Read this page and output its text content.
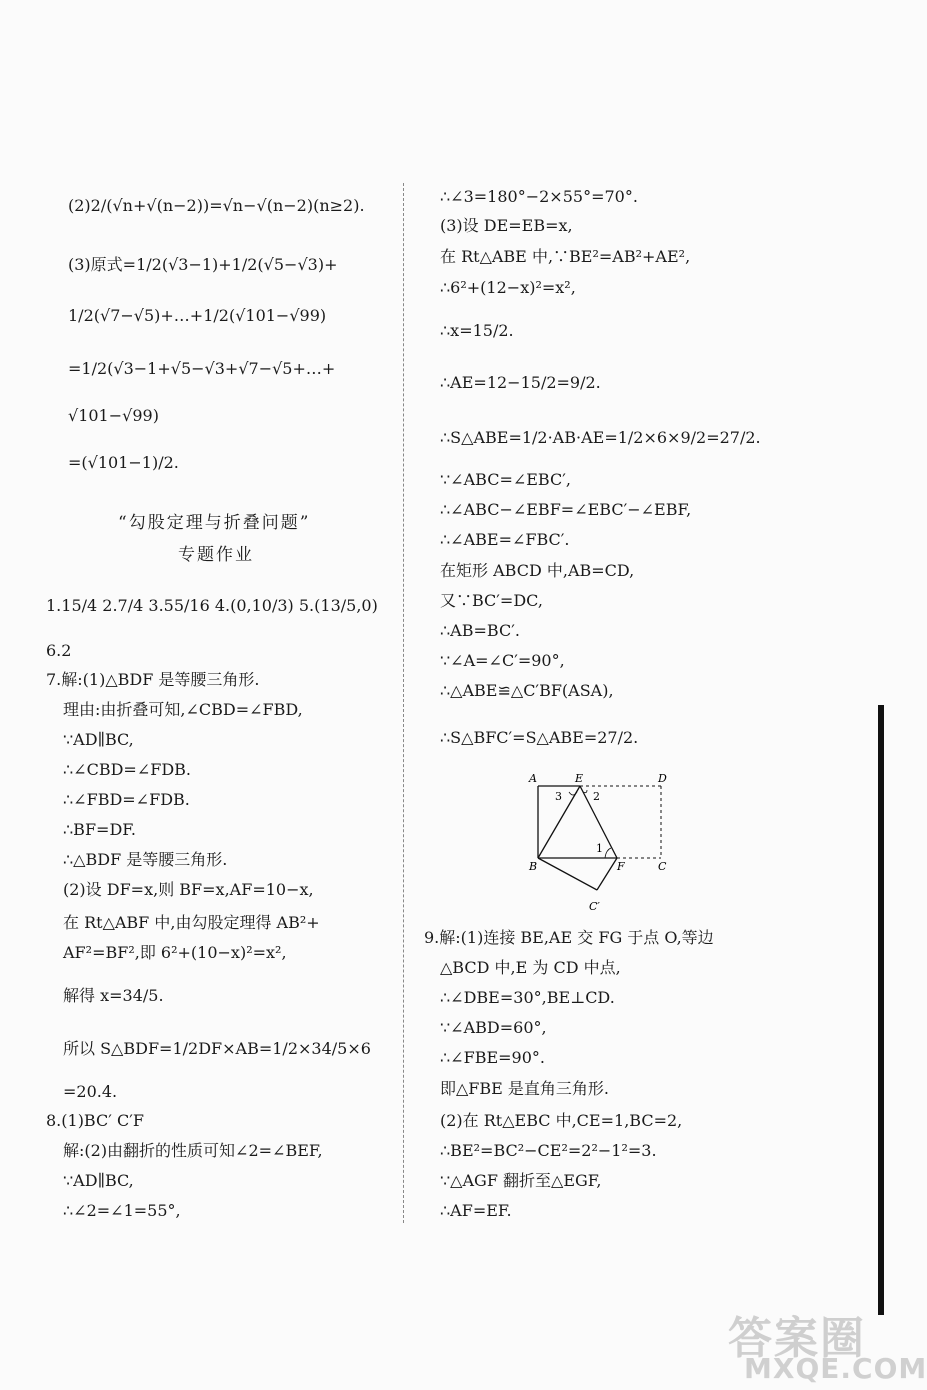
(2)2/(√n+√(n−2))=√n−√(n−2)(n≥2).
(3)原式=1/2(√3−1)+1/2(√5−√3)+
1/2(√7−√5)+…+1/2(√101−√99)
=1/2(√3−1+√5−√3+√7−√5+…+
√101−√99)
=(√101−1)/2.
“勾股定理与折叠问题”
专题作业
1.15/4 2.7/4 3.55/16 4.(0,10/3) 5.(13/5,0)
6.2
7.解:(1)△BDF 是等腰三角形.
理由:由折叠可知,∠CBD=∠FBD,
∵AD∥BC,
∴∠CBD=∠FDB.
∴∠FBD=∠FDB.
∴BF=DF.
∴△BDF 是等腰三角形.
(2)设 DF=x,则 BF=x,AF=10−x,
在 Rt△ABF 中,由勾股定理得 AB²+
AF²=BF²,即 6²+(10−x)²=x²,
解得 x=34/5.
所以 S△BDF=1/2DF×AB=1/2×34/5×6
=20.4.
8.(1)BC′ C′F
解:(2)由翻折的性质可知∠2=∠BEF,
∵AD∥BC,
∴∠2=∠1=55°,
∴∠3=180°−2×55°=70°.
(3)设 DE=EB=x,
在 Rt△ABE 中,∵BE²=AB²+AE²,
∴6²+(12−x)²=x²,
∴x=15/2.
∴AE=12−15/2=9/2.
∴S△ABE=1/2·AB·AE=1/2×6×9/2=27/2.
∵∠ABC=∠EBC′,
∴∠ABC−∠EBF=∠EBC′−∠EBF,
∴∠ABE=∠FBC′.
在矩形 ABCD 中,AB=CD,
又∵BC′=DC,
∴AB=BC′.
∵∠A=∠C′=90°,
∴△ABE≌△C′BF(ASA),
∴S△BFC′=S△ABE=27/2.
A	E	D
B	F	C
C′
3	2
1
9.解:(1)连接 BE,AE 交 FG 于点 O,等边
△BCD 中,E 为 CD 中点,
∴∠DBE=30°,BE⊥CD.
∵∠ABD=60°,
∴∠FBE=90°.
即△FBE 是直角三角形.
(2)在 Rt△EBC 中,CE=1,BC=2,
∴BE²=BC²−CE²=2²−1²=3.
∵△AGF 翻折至△EGF,
∴AF=EF.
答案圈
MXQE.COM
